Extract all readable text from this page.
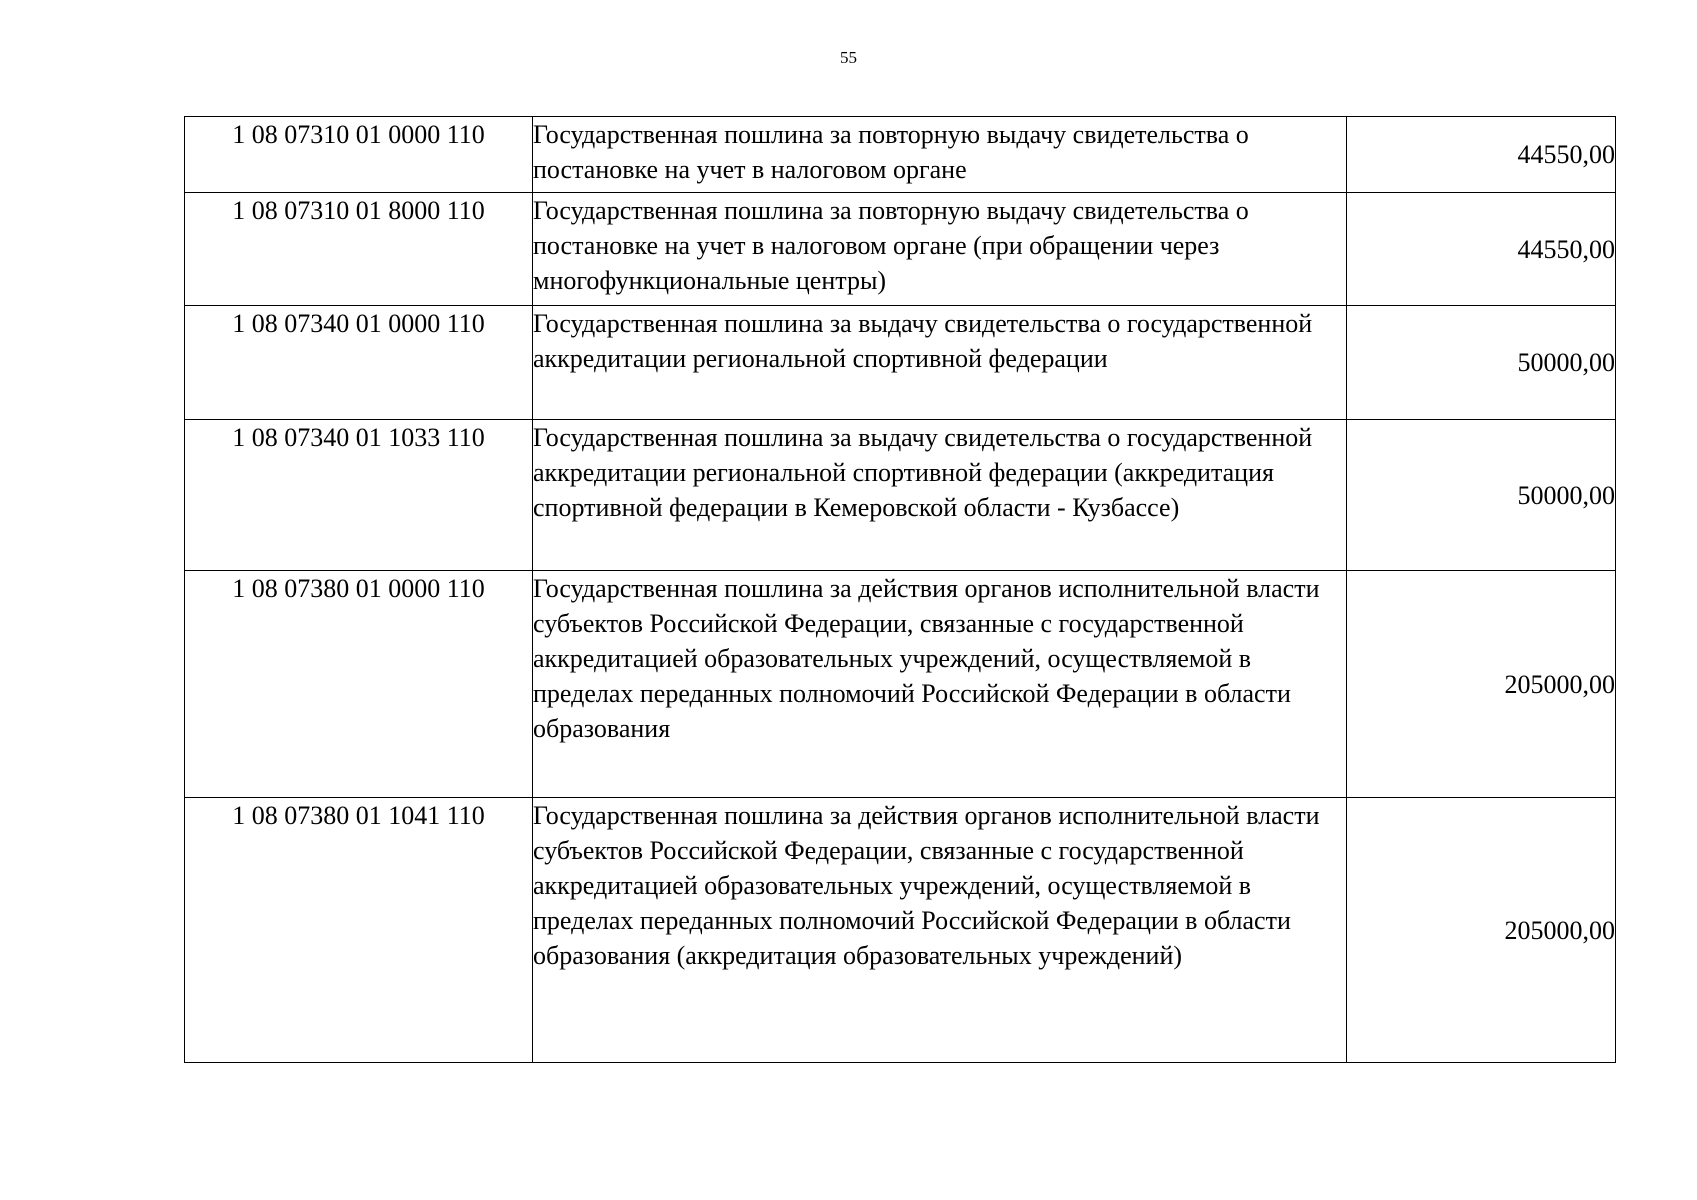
55
1 08 07310 01 0000 110	Государственная пошлина за повторную выдачу свидетельства о постановке на учет в налоговом органе	44550,00
1 08 07310 01 8000 110	Государственная пошлина за повторную выдачу свидетельства о постановке на учет в налоговом органе (при обращении через многофункциональные центры)	44550,00
1 08 07340 01 0000 110	Государственная пошлина за выдачу свидетельства о государственной аккредитации региональной спортивной федерации	50000,00
1 08 07340 01 1033 110	Государственная пошлина за выдачу свидетельства о государственной аккредитации региональной спортивной федерации (аккредитация спортивной федерации в Кемеровской области - Кузбассе)	50000,00
1 08 07380 01 0000 110	Государственная пошлина за действия органов исполнительной власти субъектов Российской Федерации, связанные с государственной аккредитацией образовательных учреждений, осуществляемой в пределах переданных полномочий Российской Федерации в области образования	205000,00
1 08 07380 01 1041 110	Государственная пошлина за действия органов исполнительной власти субъектов Российской Федерации, связанные с государственной аккредитацией образовательных учреждений, осуществляемой в пределах переданных полномочий Российской Федерации в области образования (аккредитация образовательных учреждений)	205000,00
